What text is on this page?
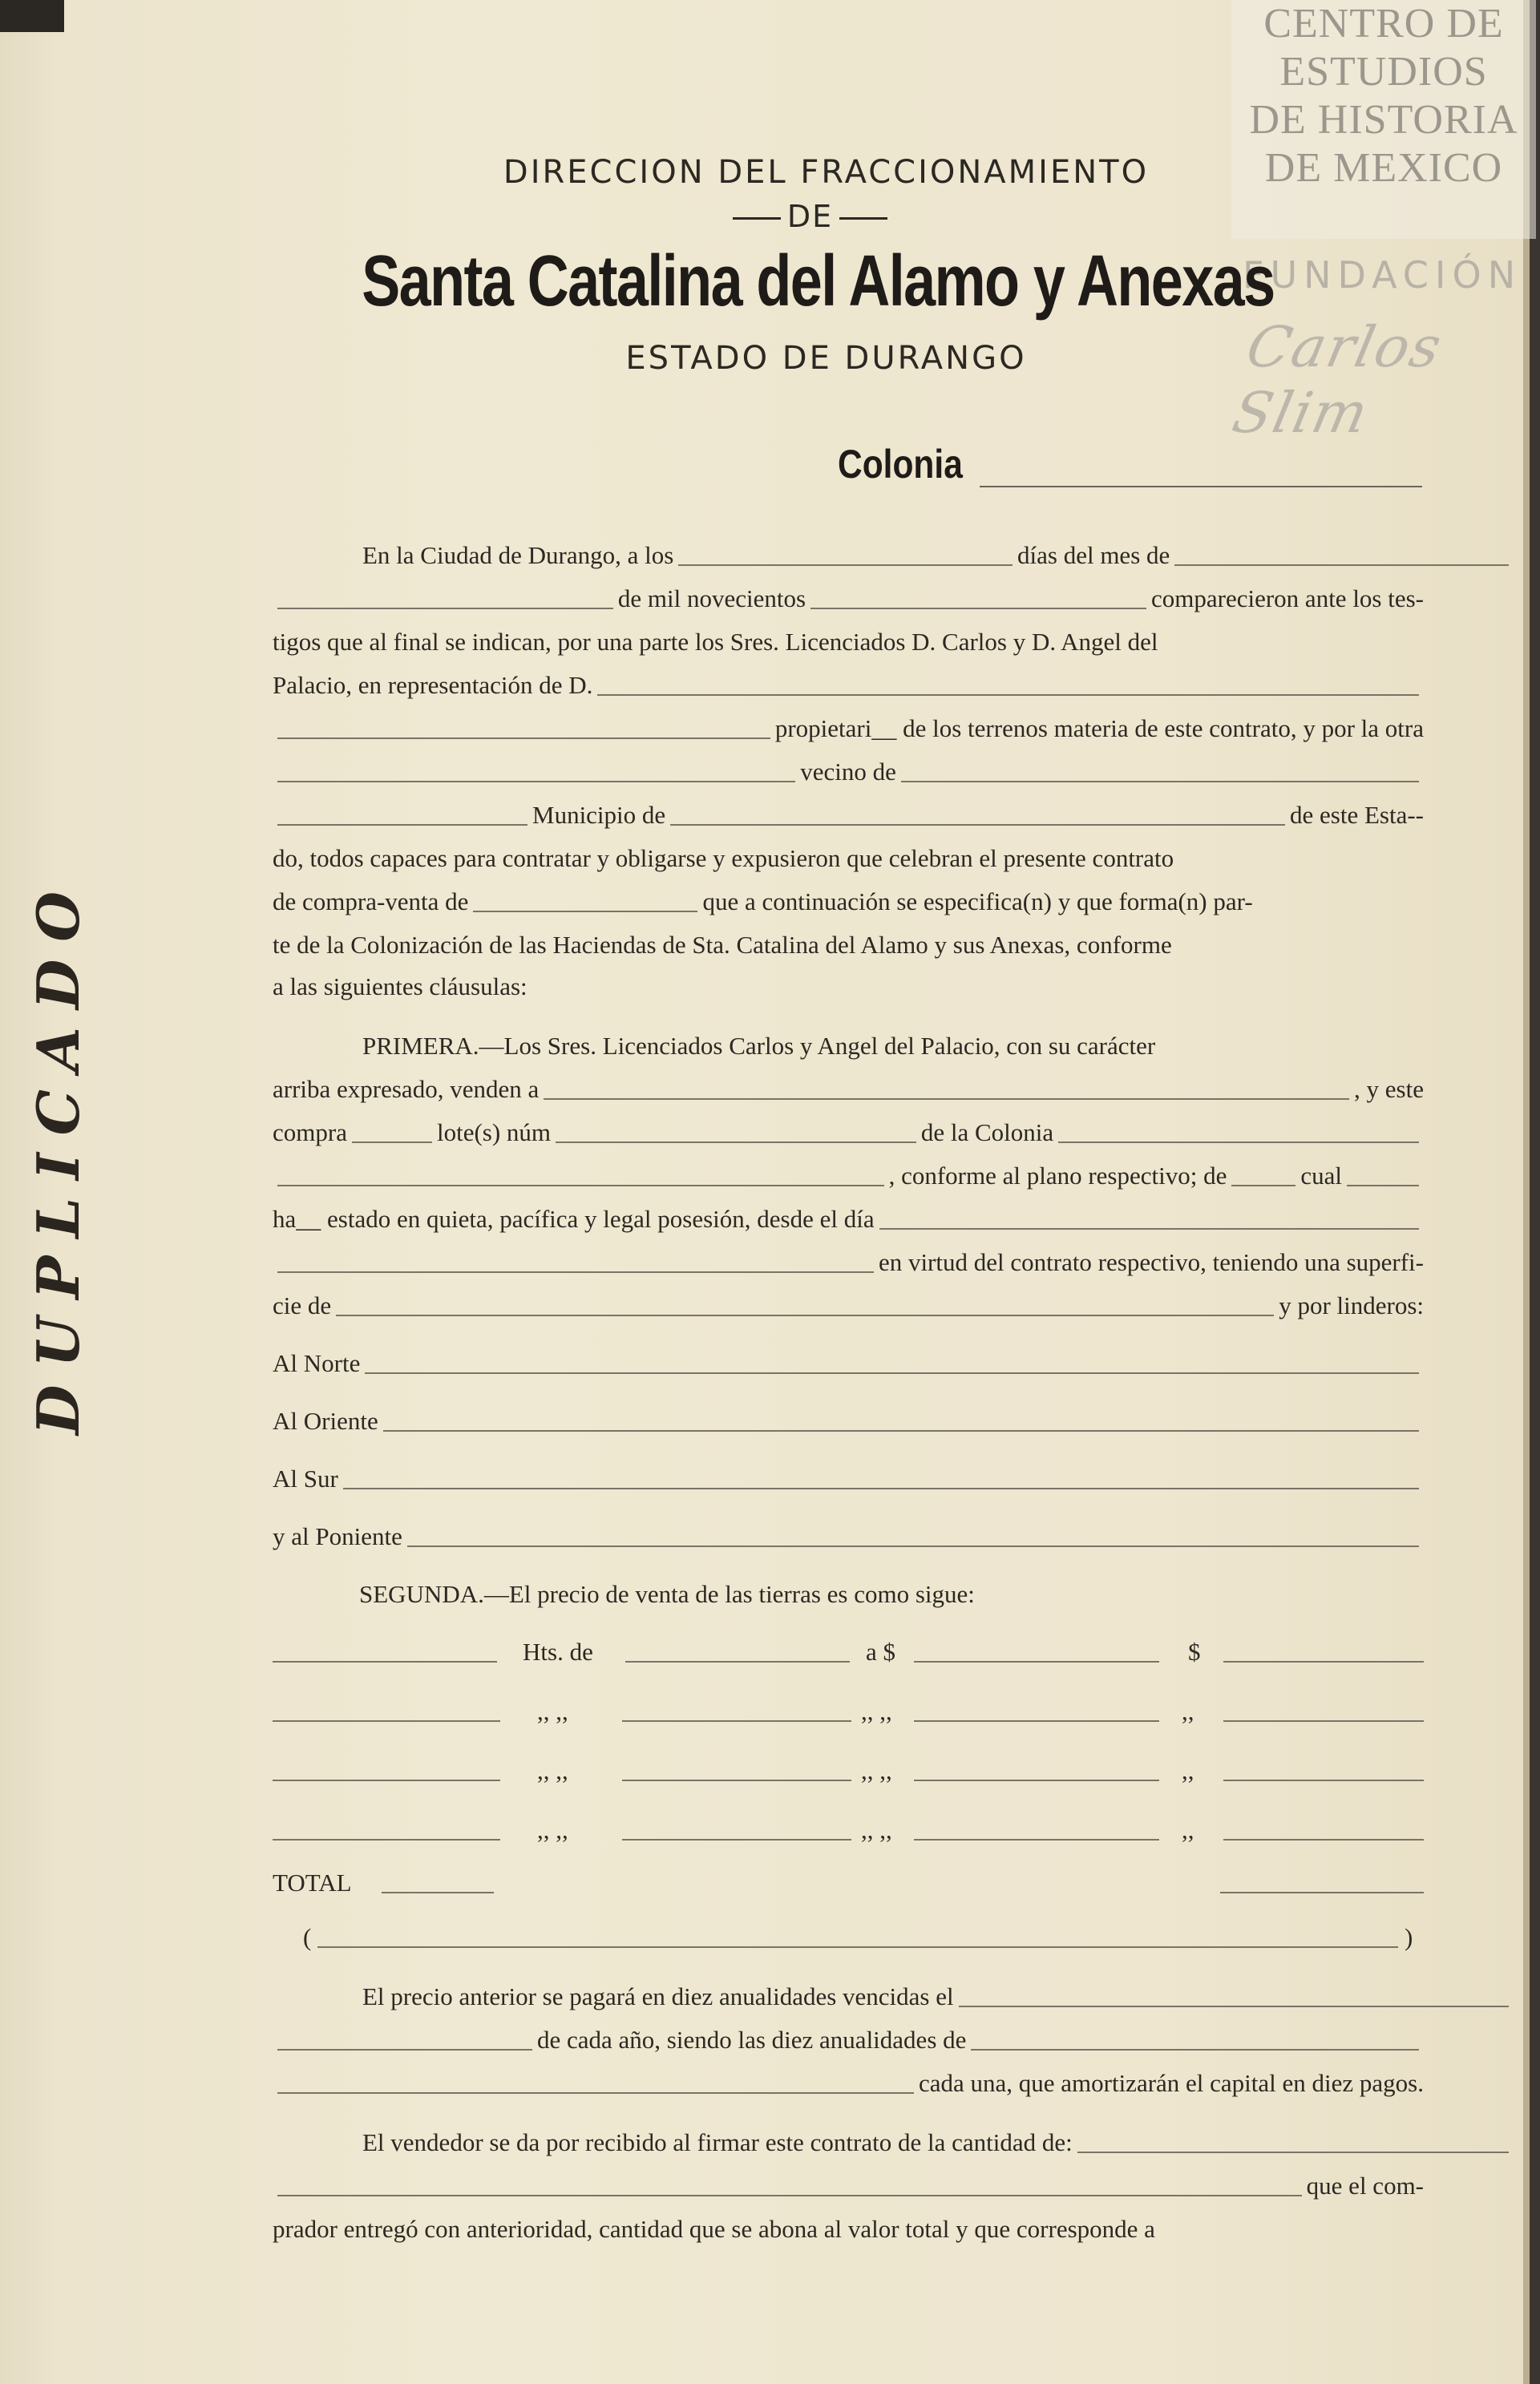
CENTRO DE
ESTUDIOS
DE HISTORIA
DE MEXICO
FUNDACIÓN
Carlos Slim
DUPLICADO
DIRECCION DEL FRACCIONAMIENTO
DE
Santa Catalina del Alamo y Anexas
ESTADO DE DURANGO
Colonia
En la Ciudad de Durango, a los	días del mes de
de mil novecientos	comparecieron ante los tes-
tigos que al final se indican, por una parte los Sres. Licenciados D. Carlos y D. Angel del
Palacio, en representación de D.
propietari__ de los terrenos materia de este contrato, y por la otra
vecino de
Municipio de	de este Esta--
do, todos capaces para contratar y obligarse y expusieron que celebran el presente contrato
de compra-venta de	que a continuación se especifica(n) y que forma(n) par-
te de la Colonización de las Haciendas de Sta. Catalina del Alamo y sus Anexas, conforme
a las siguientes cláusulas:
PRIMERA.—Los Sres. Licenciados Carlos y Angel del Palacio, con su carácter
arriba expresado, venden a	, y este
compra	lote(s) núm	de la Colonia
, conforme al plano respectivo; de	cual
ha__ estado en quieta, pacífica y legal posesión, desde el día
en virtud del contrato respectivo, teniendo una superfi-
cie de	y por linderos:
Al Norte
Al Oriente
Al Sur
y al Poniente
SEGUNDA.—El precio de venta de las tierras es como sigue:
Hts. de	a $	$
,, ,,	,, ,,	,,
,, ,,	,, ,,	,,
,, ,,	,, ,,	,,
TOTAL
(	)
El precio anterior se pagará en diez anualidades vencidas el
de cada año, siendo las diez anualidades de
cada una, que amortizarán el capital en diez pagos.
El vendedor se da por recibido al firmar este contrato de la cantidad de:
que el com-
prador entregó con anterioridad, cantidad que se abona al valor total y que corresponde a
